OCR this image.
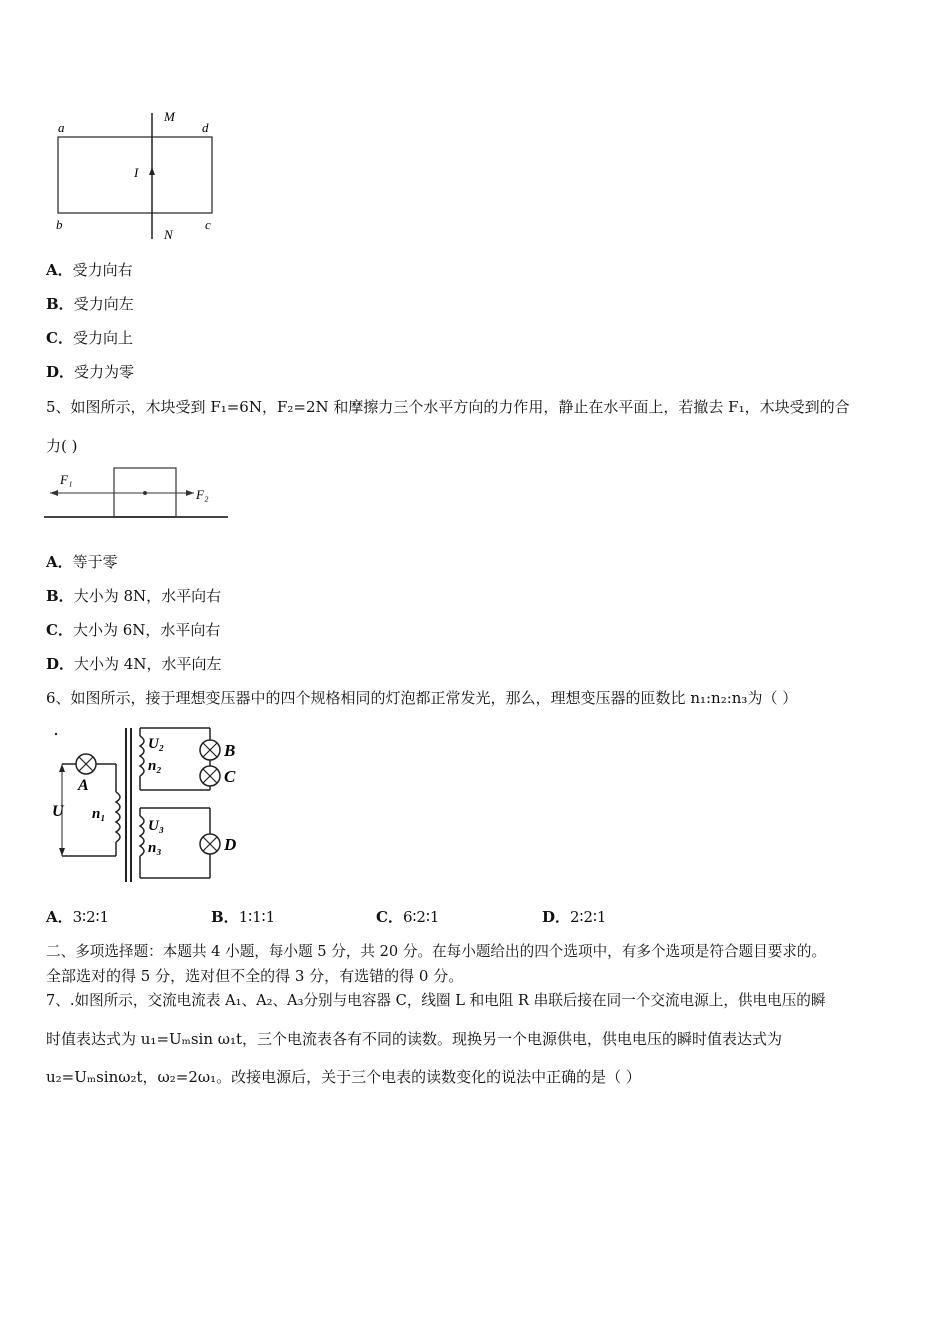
a	d
b	c
M
N
I
A．受力向右
B．受力向左
C．受力向上
D．受力为零
5、如图所示，木块受到 F₁=6N，F₂=2N 和摩擦力三个水平方向的力作用，静止在水平面上，若撤去 F₁，木块受到的合
力( )
F₁
F₂
A．等于零
B．大小为 8N，水平向右
C．大小为 6N，水平向右
D．大小为 4N，水平向左
6、如图所示，接于理想变压器中的四个规格相同的灯泡都正常发光，那么，理想变压器的匝数比 n₁:n₂:n₃为（ ）
U
A
n₁
U₂
n₂
B
C
U₃
n₃	D
A．3∶2∶1	B．1∶1∶1	C．6∶2∶1	D．2∶2∶1
二、多项选择题：本题共 4 小题，每小题 5 分，共 20 分。在每小题给出的四个选项中，有多个选项是符合题目要求的。
全部选对的得 5 分，选对但不全的得 3 分，有选错的得 0 分。
7、.如图所示，交流电流表 A₁、A₂、A₃分别与电容器 C，线圈 L 和电阻 R 串联后接在同一个交流电源上，供电电压的瞬
时值表达式为 u₁=Uₘsin ω₁t，三个电流表各有不同的读数。现换另一个电源供电，供电电压的瞬时值表达式为
u₂=Uₘsinω₂t，ω₂=2ω₁。改接电源后，关于三个电表的读数变化的说法中正确的是（ ）
